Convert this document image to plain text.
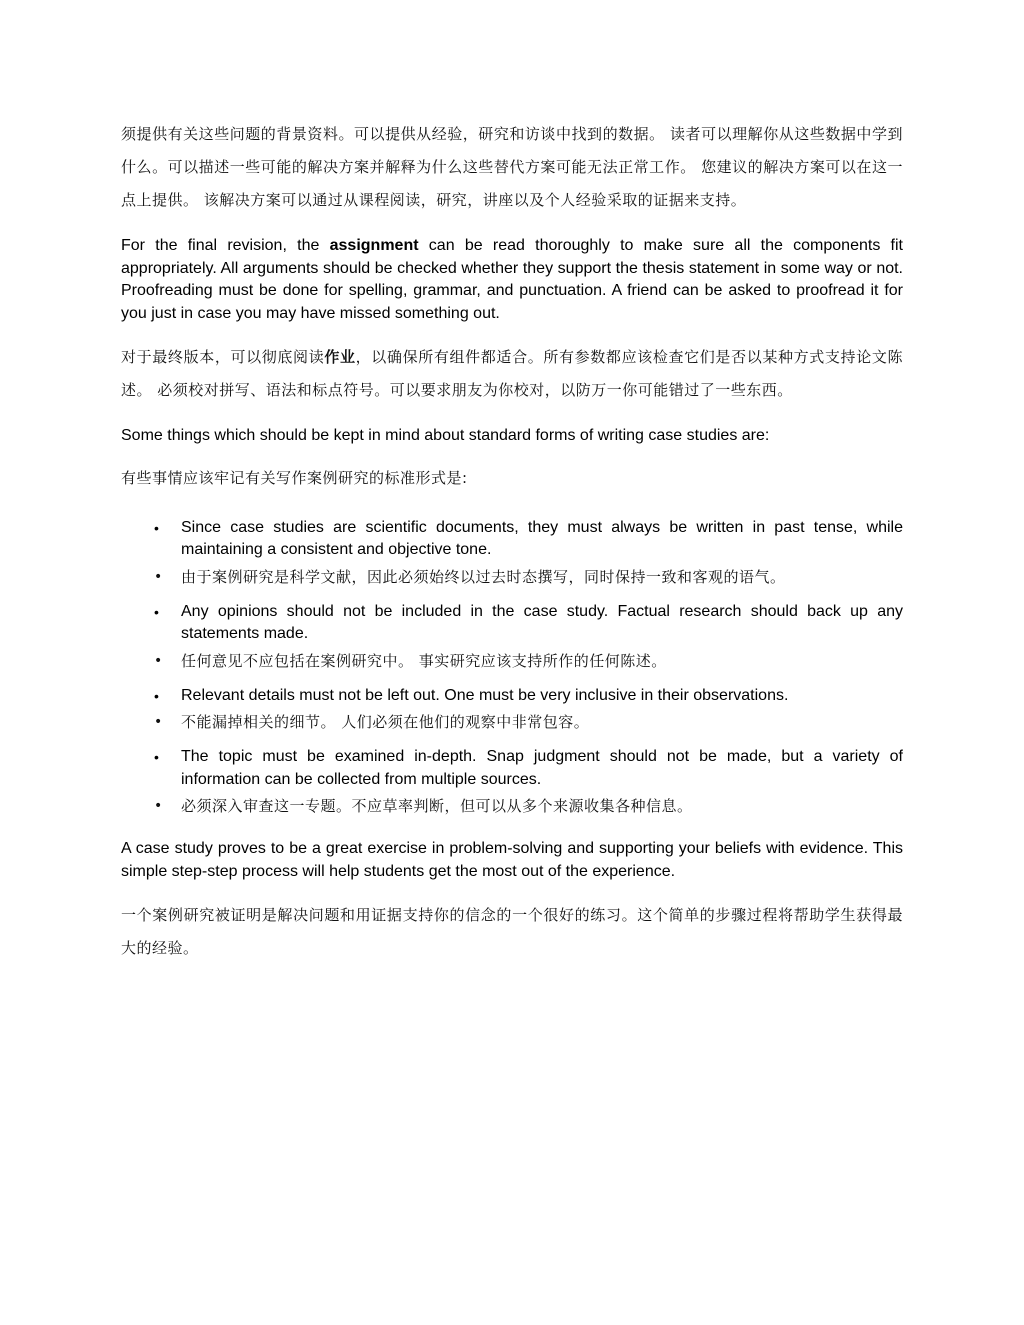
须提供有关这些问题的背景资料。可以提供从经验，研究和访谈中找到的数据。 读者可以理解你从这些数据中学到什么。可以描述一些可能的解决方案并解释为什么这些替代方案可能无法正常工作。 您建议的解决方案可以在这一点上提供。 该解决方案可以通过从课程阅读，研究，讲座以及个人经验采取的证据来支持。

For the final revision, the assignment can be read thoroughly to make sure all the components fit appropriately. All arguments should be checked whether they support the thesis statement in some way or not. Proofreading must be done for spelling, grammar, and punctuation. A friend can be asked to proofread it for you just in case you may have missed something out.

对于最终版本，可以彻底阅读作业，以确保所有组件都适合。所有参数都应该检查它们是否以某种方式支持论文陈述。 必须校对拼写、语法和标点符号。可以要求朋友为你校对，以防万一你可能错过了一些东西。

Some things which should be kept in mind about standard forms of writing case studies are:

有些事情应该牢记有关写作案例研究的标准形式是:

• Since case studies are scientific documents, they must always be written in past tense, while maintaining a consistent and objective tone.
• 由于案例研究是科学文献，因此必须始终以过去时态撰写，同时保持一致和客观的语气。
• Any opinions should not be included in the case study. Factual research should back up any statements made.
• 任何意见不应包括在案例研究中。 事实研究应该支持所作的任何陈述。
• Relevant details must not be left out. One must be very inclusive in their observations.
• 不能漏掉相关的细节。 人们必须在他们的观察中非常包容。
• The topic must be examined in-depth. Snap judgment should not be made, but a variety of information can be collected from multiple sources.
• 必须深入审查这一专题。不应草率判断，但可以从多个来源收集各种信息。

A case study proves to be a great exercise in problem-solving and supporting your beliefs with evidence. This simple step-step process will help students get the most out of the experience.

一个案例研究被证明是解决问题和用证据支持你的信念的一个很好的练习。这个简单的步骤过程将帮助学生获得最大的经验。
